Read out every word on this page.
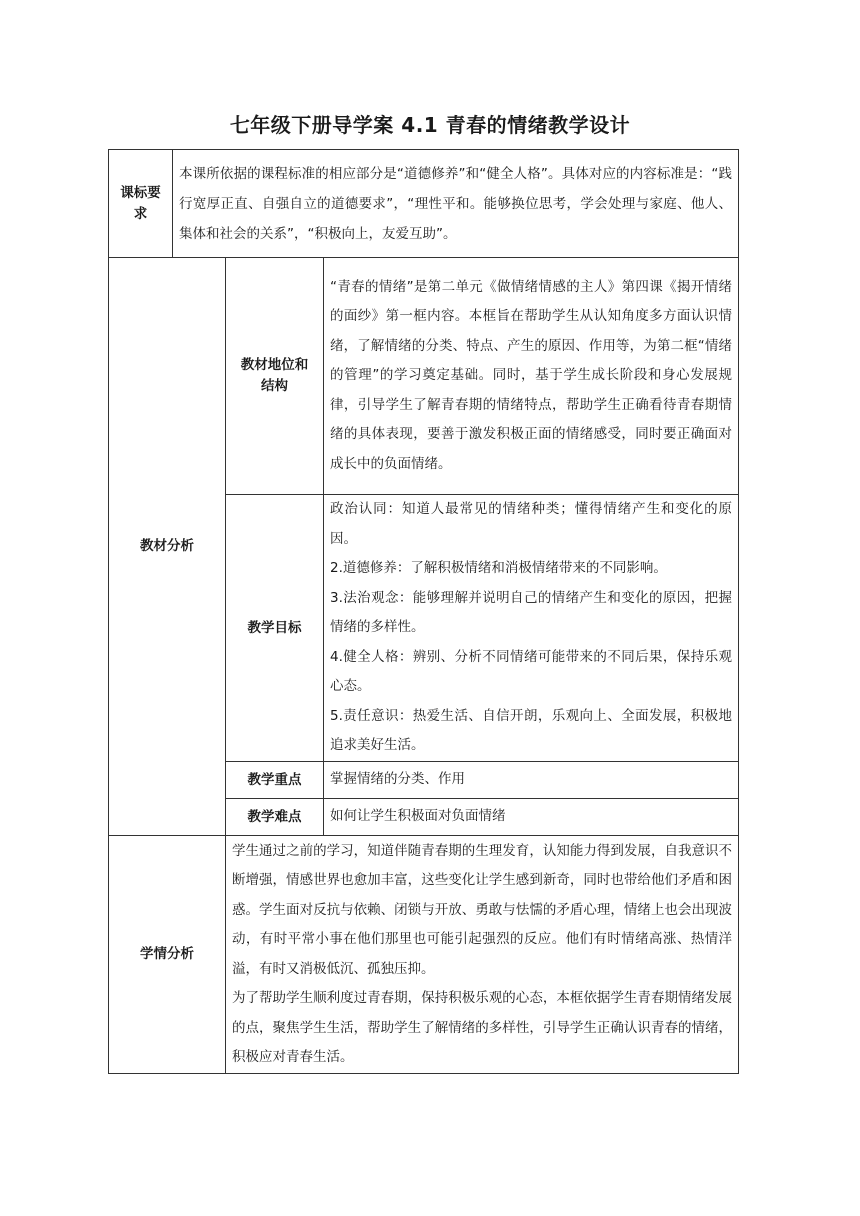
七年级下册导学案 4.1 青春的情绪教学设计
课标要求	本课所依据的课程标准的相应部分是“道德修养”和“健全人格”。具体对应的内容标准是：“践行宽厚正直、自强自立的道德要求”，“理性平和。能够换位思考，学会处理与家庭、他人、集体和社会的关系”，“积极向上，友爱互助”。		
教材分析		教材地位和结构	“青春的情绪”是第二单元《做情绪情感的主人》第四课《揭开情绪的面纱》第一框内容。本框旨在帮助学生从认知角度多方面认识情绪，了解情绪的分类、特点、产生的原因、作用等，为第二框“情绪的管理”的学习奠定基础。同时，基于学生成长阶段和身心发展规律，引导学生了解青春期的情绪特点，帮助学生正确看待青春期情绪的具体表现，要善于激发积极正面的情绪感受，同时要正确面对成长中的负面情绪。
		教学目标	政治认同：知道人最常见的情绪种类；懂得情绪产生和变化的原因。

2.道德修养：了解积极情绪和消极情绪带来的不同影响。

3.法治观念：能够理解并说明自己的情绪产生和变化的原因，把握情绪的多样性。

4.健全人格：辨别、分析不同情绪可能带来的不同后果，保持乐观心态。

5.责任意识：热爱生活、自信开朗，乐观向上、全面发展，积极地追求美好生活。

		教学重点	掌握情绪的分类、作用
		教学难点	如何让学生积极面对负面情绪
学情分析		学生通过之前的学习，知道伴随青春期的生理发育，认知能力得到发展，自我意识不断增强，情感世界也愈加丰富，这些变化让学生感到新奇，同时也带给他们矛盾和困惑。学生面对反抗与依赖、闭锁与开放、勇敢与怯懦的矛盾心理，情绪上也会出现波动，有时平常小事在他们那里也可能引起强烈的反应。他们有时情绪高涨、热情洋溢，有时又消极低沉、孤独压抑。

为了帮助学生顺利度过青春期，保持积极乐观的心态，本框依据学生青春期情绪发展的点，聚焦学生生活，帮助学生了解情绪的多样性，引导学生正确认识青春的情绪，积极应对青春生活。	
